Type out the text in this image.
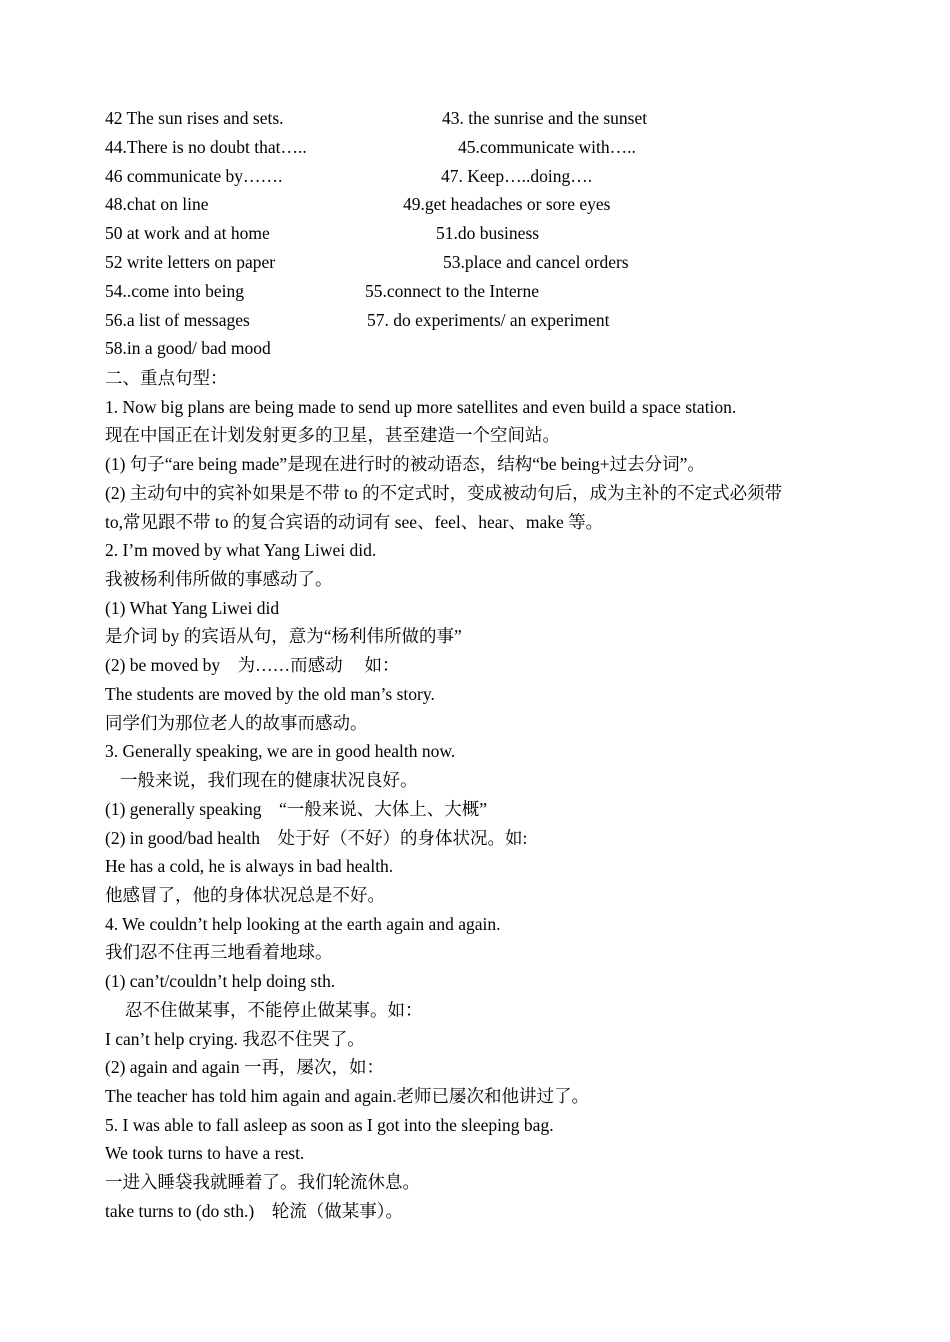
42 The sun rises and sets.	43. the sunrise and the sunset
44.There is no doubt that…..	45.communicate with…..
46 communicate by…….	47. Keep…..doing….
48.chat on line	49.get headaches or sore eyes
50 at work and at home	51.do business
52 write letters on paper	53.place and cancel orders
54..come into being	55.connect to the Interne
56.a list of messages	57. do experiments/ an experiment
58.in a good/ bad mood
二、重点句型：
1. Now big plans are being made to send up more satellites and even build a space station.
现在中国正在计划发射更多的卫星，甚至建造一个空间站。
(1) 句子“are being made”是现在进行时的被动语态，结构“be being+过去分词”。
(2) 主动句中的宾补如果是不带 to 的不定式时，变成被动句后，成为主补的不定式必须带
to,常见跟不带 to 的复合宾语的动词有 see、feel、hear、make 等。
2. I’m moved by what Yang Liwei did.
我被杨利伟所做的事感动了。
(1) What Yang Liwei did
是介词 by 的宾语从句，意为“杨利伟所做的事”
(2) be moved by　为……而感动　 如：
The students are moved by the old man’s story.
同学们为那位老人的故事而感动。
3. Generally speaking, we are in good health now.
一般来说，我们现在的健康状况良好。
(1) generally speaking　“一般来说、大体上、大概”
(2) in good/bad health　处于好（不好）的身体状况。如:
He has a cold, he is always in bad health.
他感冒了，他的身体状况总是不好。
4. We couldn’t help looking at the earth again and again.
我们忍不住再三地看着地球。
(1) can’t/couldn’t help doing sth.
忍不住做某事，不能停止做某事。如：
I can’t help crying. 我忍不住哭了。
(2) again and again 一再，屡次，如：
The teacher has told him again and again.老师已屡次和他讲过了。
5. I was able to fall asleep as soon as I got into the sleeping bag.
We took turns to have a rest.
一进入睡袋我就睡着了。我们轮流休息。
take turns to (do sth.)　轮流（做某事）。
